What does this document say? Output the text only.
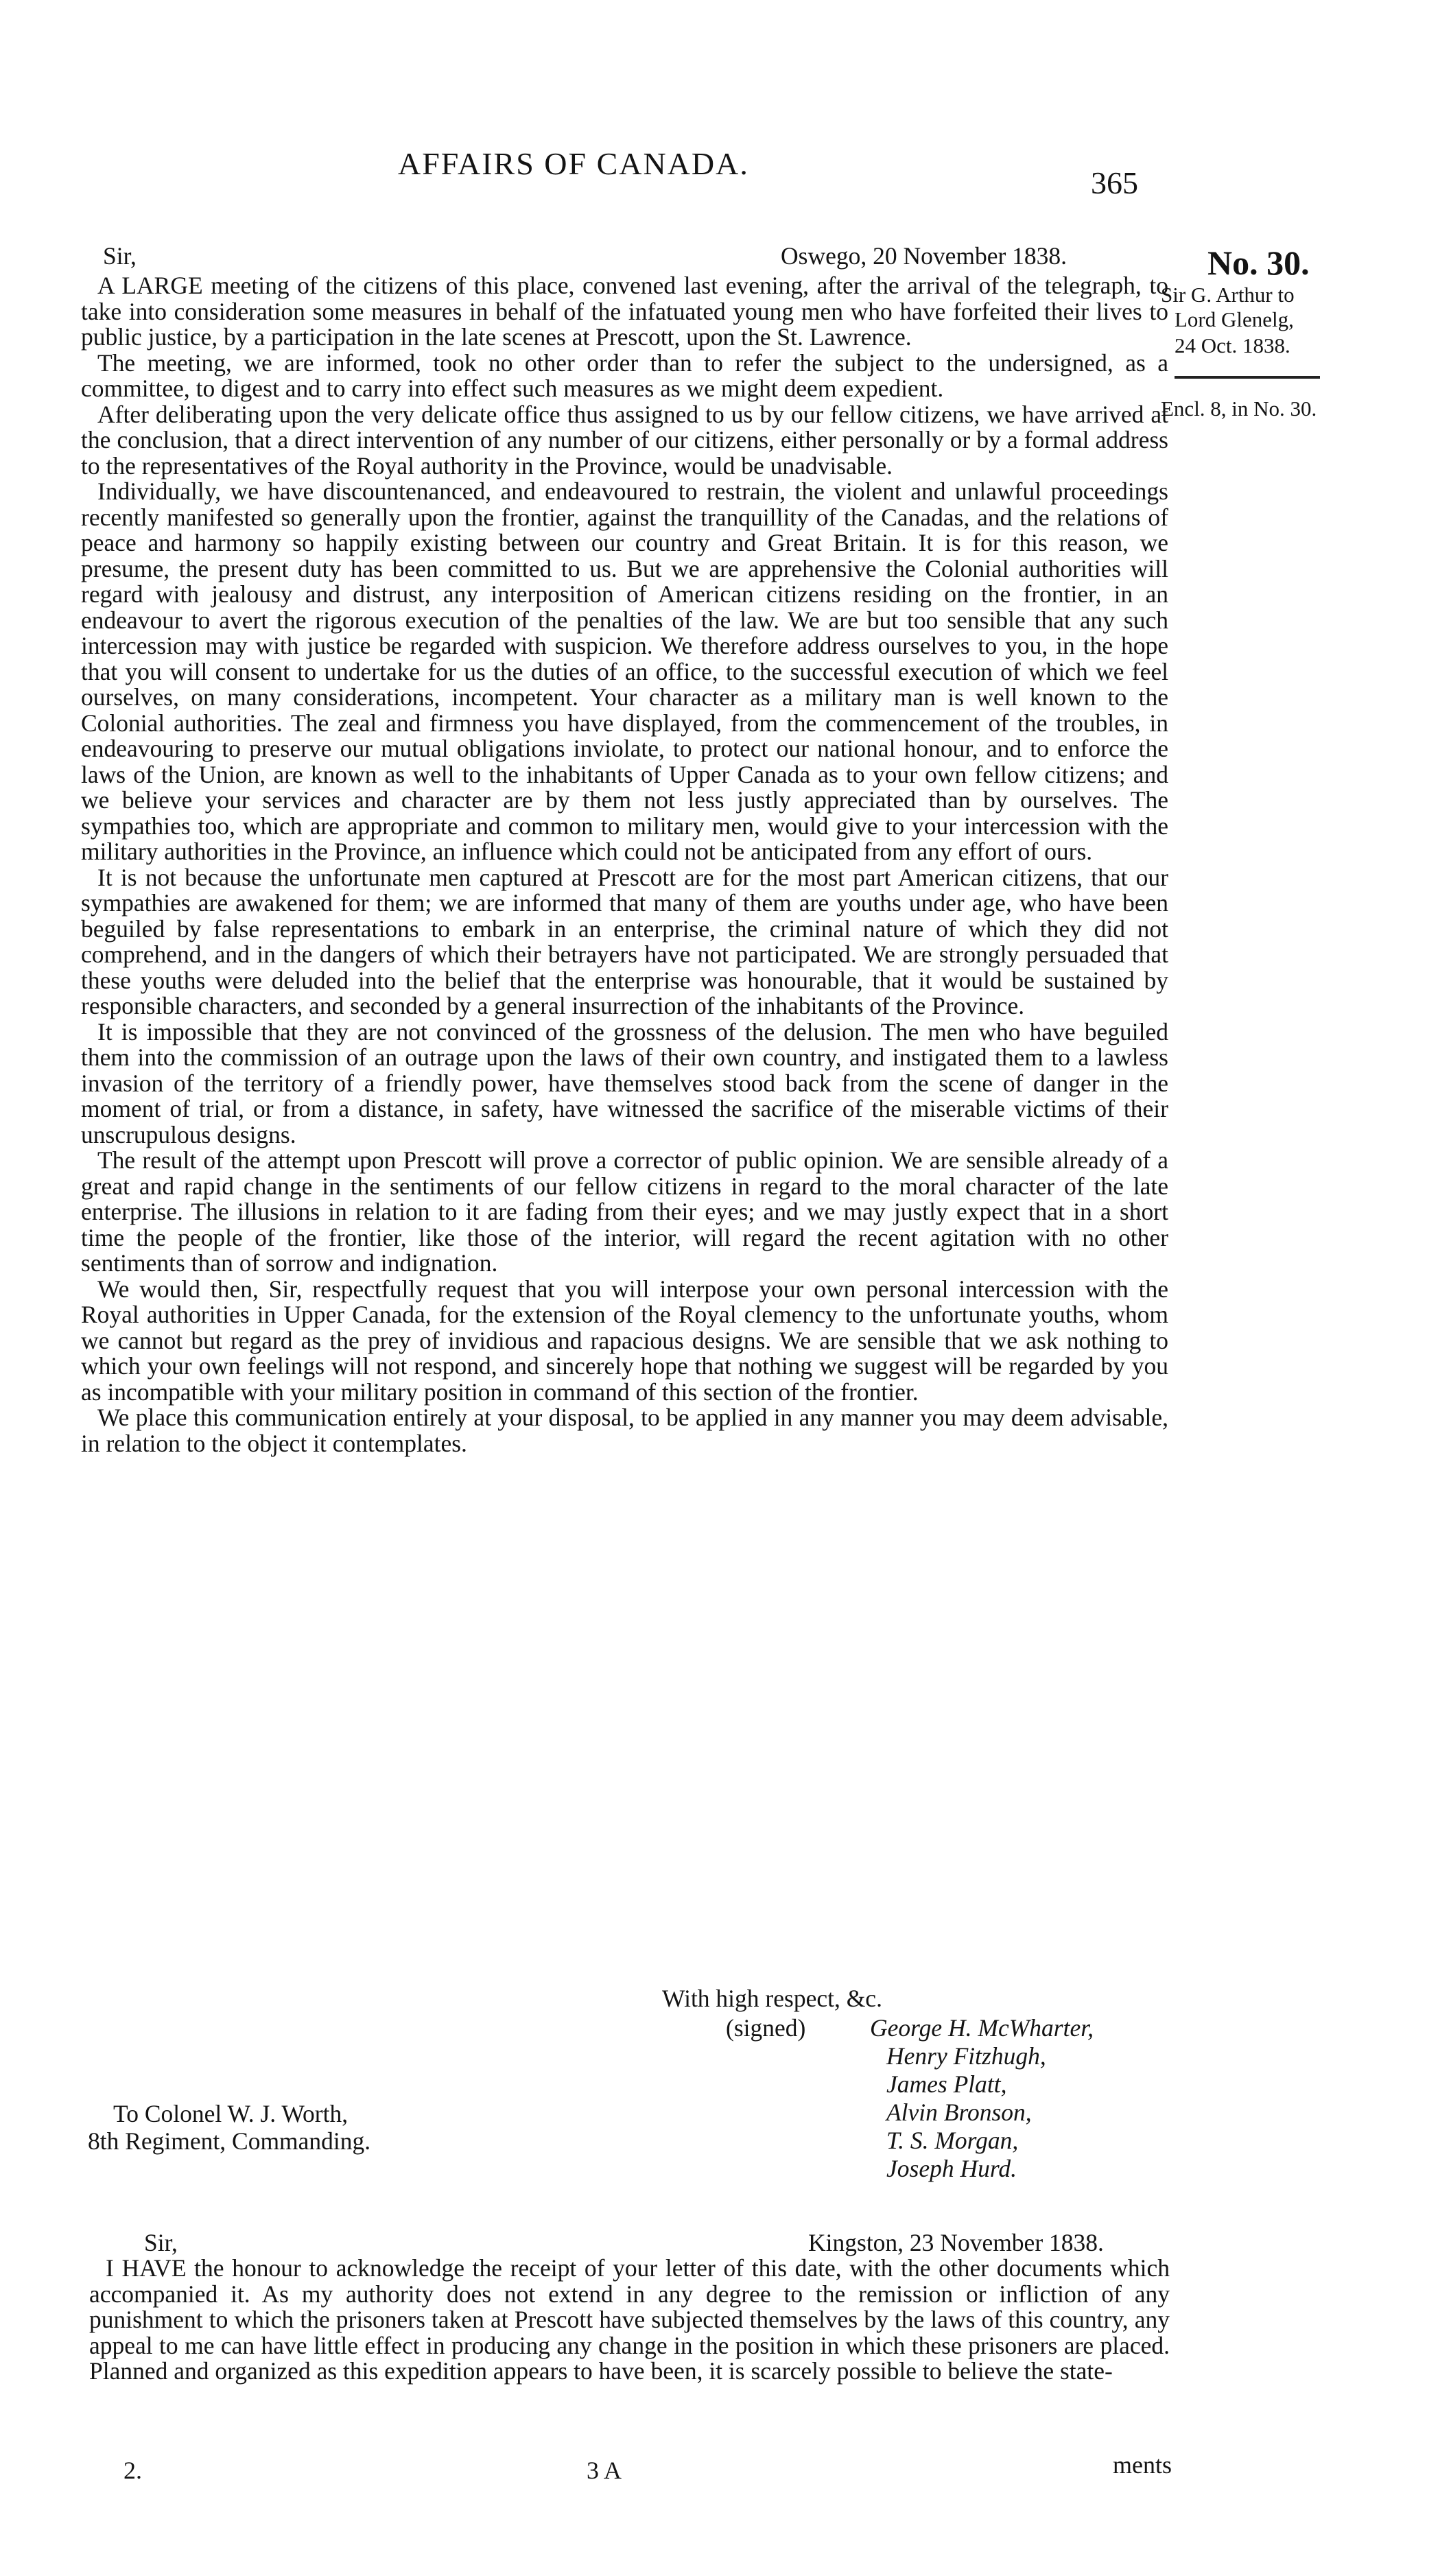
AFFAIRS OF CANADA.
365
No. 30.
Sir G. Arthur to
Lord Glenelg,
24 Oct. 1838.
Encl. 8, in No. 30.
Sir,	Oswego, 20 November 1838.

A LARGE meeting of the citizens of this place, convened last evening, after the arrival of the telegraph, to take into consideration some measures in behalf of the infatuated young men who have forfeited their lives to public justice, by a participation in the late scenes at Prescott, upon the St. Lawrence.

The meeting, we are informed, took no other order than to refer the subject to the undersigned, as a committee, to digest and to carry into effect such measures as we might deem expedient.

After deliberating upon the very delicate office thus assigned to us by our fellow citizens, we have arrived at the conclusion, that a direct intervention of any number of our citizens, either personally or by a formal address to the representatives of the Royal authority in the Province, would be unadvisable.

Individually, we have discountenanced, and endeavoured to restrain, the violent and unlawful proceedings recently manifested so generally upon the frontier, against the tranquillity of the Canadas, and the relations of peace and harmony so happily existing between our country and Great Britain. It is for this reason, we presume, the present duty has been committed to us. But we are apprehensive the Colonial authorities will regard with jealousy and distrust, any interposition of American citizens residing on the frontier, in an endeavour to avert the rigorous execution of the penalties of the law. We are but too sensible that any such intercession may with justice be regarded with suspicion. We therefore address ourselves to you, in the hope that you will consent to undertake for us the duties of an office, to the successful execution of which we feel ourselves, on many considerations, incompetent. Your character as a military man is well known to the Colonial authorities. The zeal and firmness you have displayed, from the commencement of the troubles, in endeavouring to preserve our mutual obligations inviolate, to protect our national honour, and to enforce the laws of the Union, are known as well to the inhabitants of Upper Canada as to your own fellow citizens; and we believe your services and character are by them not less justly appreciated than by ourselves. The sympathies too, which are appropriate and common to military men, would give to your intercession with the military authorities in the Province, an influence which could not be anticipated from any effort of ours.

It is not because the unfortunate men captured at Prescott are for the most part American citizens, that our sympathies are awakened for them; we are informed that many of them are youths under age, who have been beguiled by false representations to embark in an enterprise, the criminal nature of which they did not comprehend, and in the dangers of which their betrayers have not participated. We are strongly persuaded that these youths were deluded into the belief that the enterprise was honourable, that it would be sustained by responsible characters, and seconded by a general insurrection of the inhabitants of the Province.

It is impossible that they are not convinced of the grossness of the delusion. The men who have beguiled them into the commission of an outrage upon the laws of their own country, and instigated them to a lawless invasion of the territory of a friendly power, have themselves stood back from the scene of danger in the moment of trial, or from a distance, in safety, have witnessed the sacrifice of the miserable victims of their unscrupulous designs.

The result of the attempt upon Prescott will prove a corrector of public opinion. We are sensible already of a great and rapid change in the sentiments of our fellow citizens in regard to the moral character of the late enterprise. The illusions in relation to it are fading from their eyes; and we may justly expect that in a short time the people of the frontier, like those of the interior, will regard the recent agitation with no other sentiments than of sorrow and indignation.

We would then, Sir, respectfully request that you will interpose your own personal intercession with the Royal authorities in Upper Canada, for the extension of the Royal clemency to the unfortunate youths, whom we cannot but regard as the prey of invidious and rapacious designs. We are sensible that we ask nothing to which your own feelings will not respond, and sincerely hope that nothing we suggest will be regarded by you as incompatible with your military position in command of this section of the frontier.

We place this communication entirely at your disposal, to be applied in any manner you may deem advisable, in relation to the object it contemplates.

With high respect, &c.
(signed)	George H. McWharter,
Henry Fitzhugh,
James Platt,
Alvin Bronson,
T. S. Morgan,
Joseph Hurd.
To Colonel W. J. Worth,
8th Regiment, Commanding.
Sir,	Kingston, 23 November 1838.

I HAVE the honour to acknowledge the receipt of your letter of this date, with the other documents which accompanied it. As my authority does not extend in any degree to the remission or infliction of any punishment to which the prisoners taken at Prescott have subjected themselves by the laws of this country, any appeal to me can have little effect in producing any change in the position in which these prisoners are placed. Planned and organized as this expedition appears to have been, it is scarcely possible to believe the state-

2.	3 A	ments
